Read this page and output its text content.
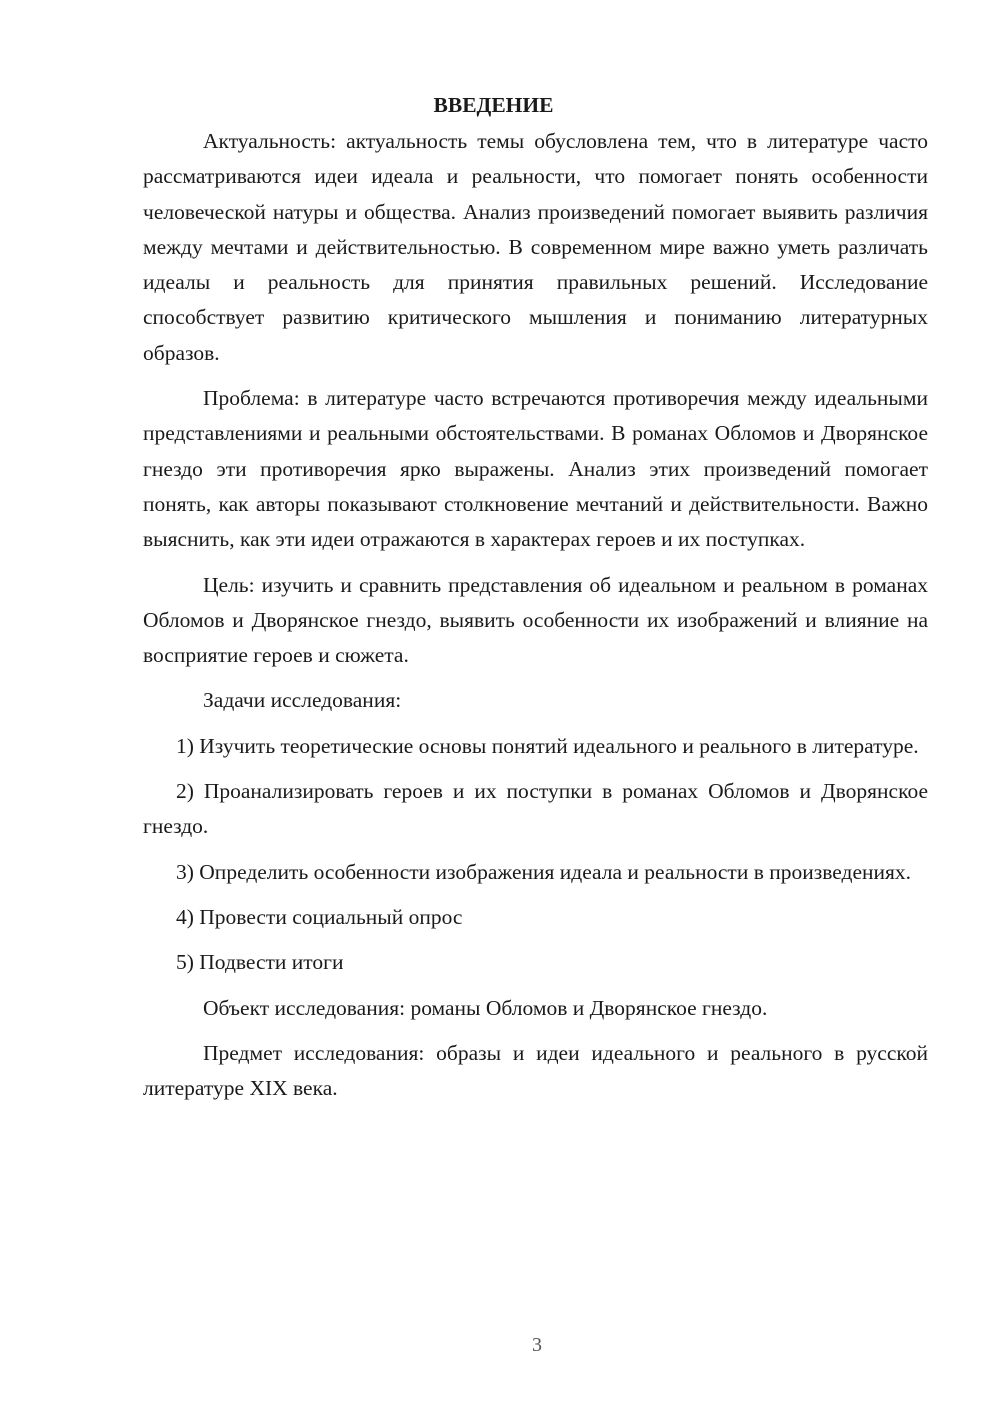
ВВЕДЕНИЕ

Актуальность: актуальность темы обусловлена тем, что в литературе часто рассматриваются идеи идеала и реальности, что помогает понять особенности человеческой натуры и общества. Анализ произведений помогает выявить различия между мечтами и действительностью. В современном мире важно уметь различать идеалы и реальность для принятия правильных решений. Исследование способствует развитию критического мышления и пониманию литературных образов.

Проблема: в литературе часто встречаются противоречия между идеальными представлениями и реальными обстоятельствами. В романах Обломов и Дворянское гнездо эти противоречия ярко выражены. Анализ этих произведений помогает понять, как авторы показывают столкновение мечтаний и действительности. Важно выяснить, как эти идеи отражаются в характерах героев и их поступках.

Цель: изучить и сравнить представления об идеальном и реальном в романах Обломов и Дворянское гнездо, выявить особенности их изображений и влияние на восприятие героев и сюжета.

Задачи исследования:

1) Изучить теоретические основы понятий идеального и реального в литературе.

2) Проанализировать героев и их поступки в романах Обломов и Дворянское гнездо.

3) Определить особенности изображения идеала и реальности в произведениях.

4) Провести социальный опрос

5) Подвести итоги

Объект исследования: романы Обломов и Дворянское гнездо.

Предмет исследования: образы и идеи идеального и реального в русской литературе XIX века.

3
